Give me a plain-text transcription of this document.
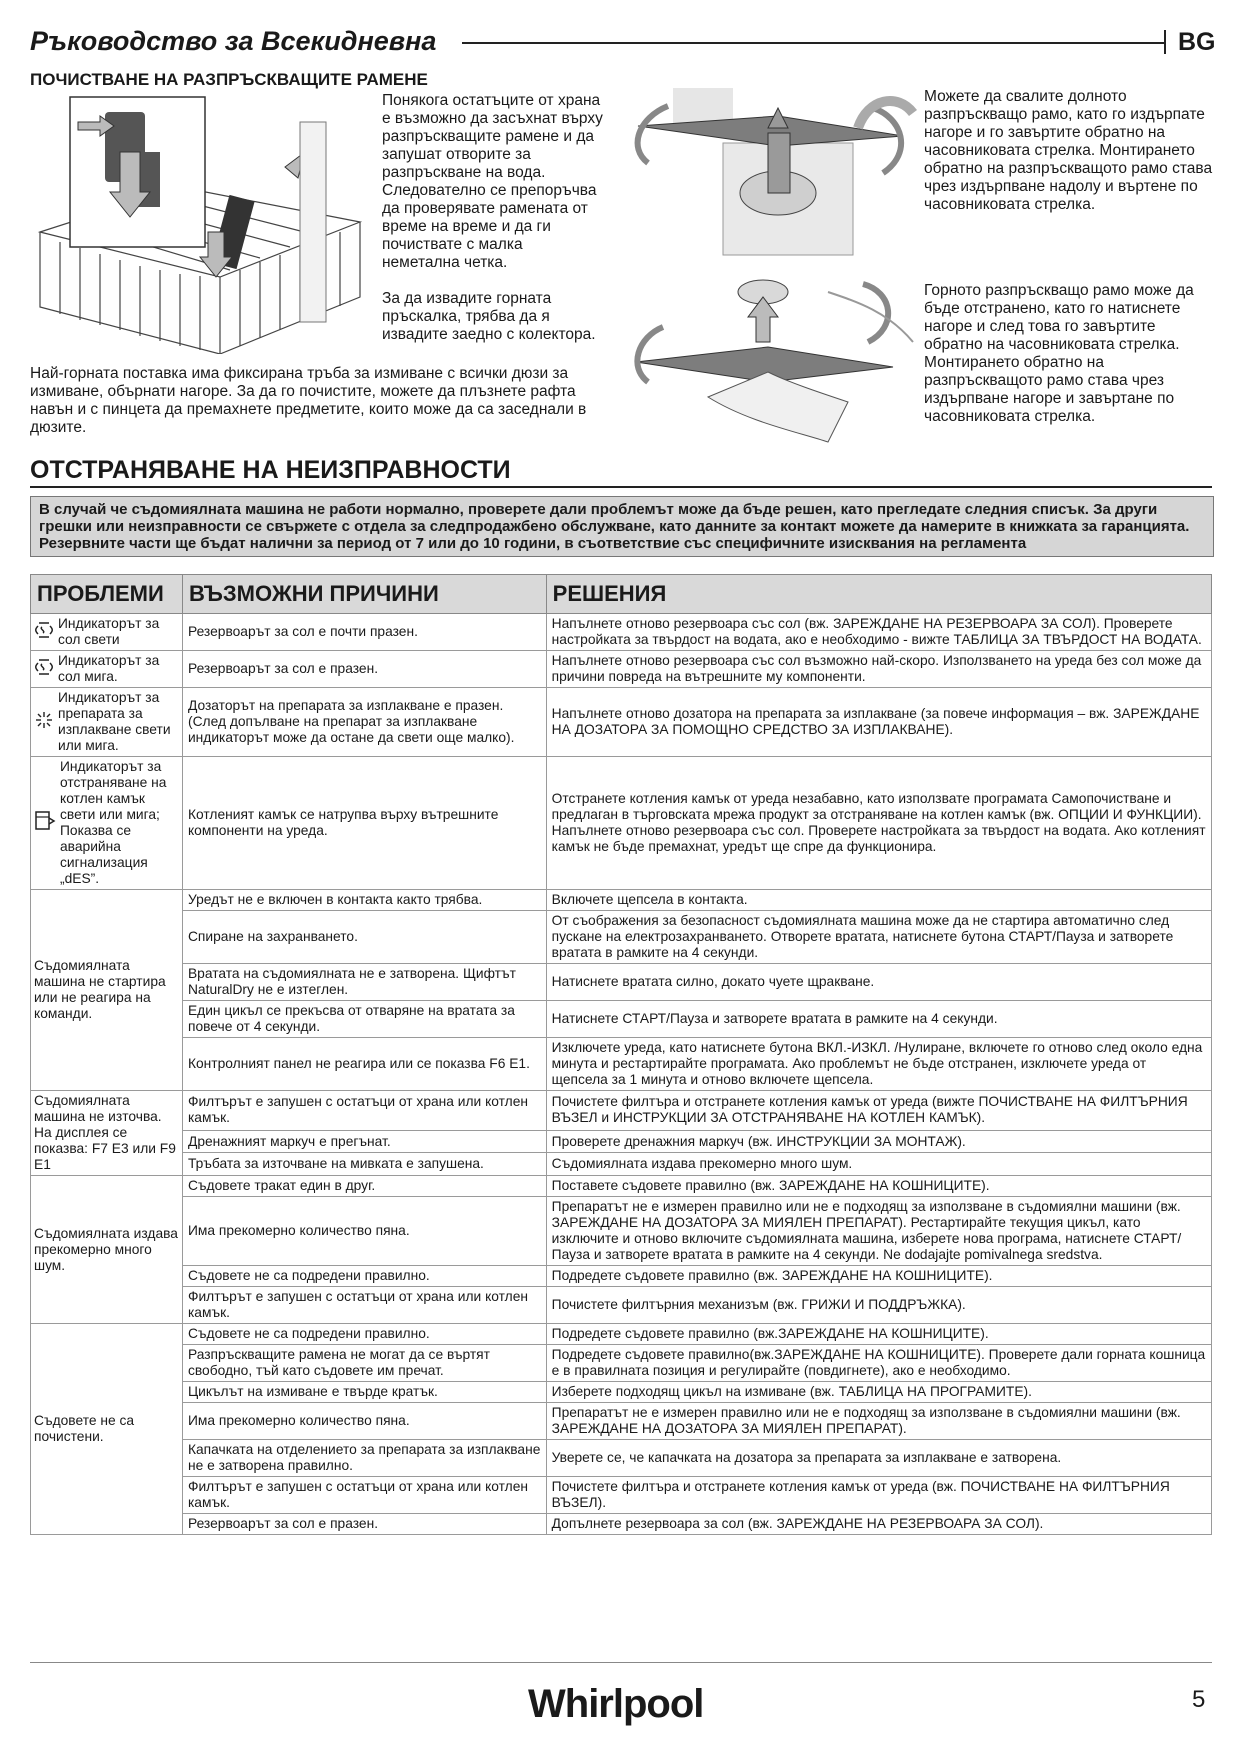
Ръководство за Всекидневна	BG
ПОЧИСТВАНЕ НА РАЗПРЪСКВАЩИТЕ РАМЕНЕ
Понякога остатъците от храна е възможно да засъхнат върху разпръскващите рамене и да запушат отворите за разпръскване на вода. Следователно се препоръчва да проверявате рамената от време на време и да ги почиствате с малка неметална четка.
За да извадите горната пръскалка, трябва да я извадите заедно с колектора.
Най-горната поставка има фиксирана тръба за измиване с всички дюзи за измиване, обърнати нагоре. За да го почистите, можете да плъзнете рафта навън и с пинцета да премахнете предметите, които може да са заседнали в дюзите.
Можете да свалите долното разпръскващо рамо, като го издърпате нагоре и го завъртите обратно на часовниковата стрелка. Монтирането обратно на разпръскващото рамо става чрез издърпване надолу и въртене по часовниковата стрелка.
Горното разпръскващо рамо може да бъде отстранено, като го натиснете нагоре и след това го завъртите обратно на часовниковата стрелка. Монтирането обратно на разпръскващото рамо става чрез издърпване нагоре и завъртане по часовниковата стрелка.
ОТСТРАНЯВАНЕ НА НЕИЗПРАВНОСТИ
В случай че съдомиялната машина не работи нормално, проверете дали проблемът може да бъде решен, като прегледате следния списък. За други грешки или неизправности се свържете с отдела за следпродажбено обслужване, като данните за контакт можете да намерите в книжката за гаранцията. Резервните части ще бъдат налични за период от 7 или до 10 години, в съответствие със специфичните изисквания на регламента
ПРОБЛЕМИ	ВЪЗМОЖНИ ПРИЧИНИ	РЕШЕНИЯ

Индикаторът за сол свети	Резервоарът за сол е почти празен.	Напълнете отново резервоара със сол (вж. ЗАРЕЖДАНЕ НА РЕЗЕРВОАРА ЗА СОЛ). Проверете настройката за твърдост на водата, ако е необходимо - вижте ТАБЛИЦА ЗА ТВЪРДОСТ НА ВОДАТА.

Индикаторът за сол мига.	Резервоарът за сол е празен.	Напълнете отново резервоара със сол възможно най-скоро. Използването на уреда без сол може да причини повреда на вътрешните му компоненти.

Индикаторът за препарата за изплакване свети или мига.	Дозаторът на препарата за изплакване е празен. (След допълване на препарат за изплакване индикаторът може да остане да свети още малко).	Напълнете отново дозатора на препарата за изплакване (за повече информация – вж. ЗАРЕЖДАНЕ НА ДОЗАТОРА ЗА ПОМОЩНО СРЕДСТВО ЗА ИЗПЛАКВАНЕ).

Индикаторът за отстраняване на котлен камък свети или мига; Показва се аварийна сигнализация „dES”.	Котленият камък се натрупва върху вътрешните компоненти на уреда.	Отстранете котления камък от уреда незабавно, като използвате програмата Самопочистване и предлаган в търговската мрежа продукт за отстраняване на котлен камък (вж. ОПЦИИ И ФУНКЦИИ). Напълнете отново резервоара със сол. Проверете настройката за твърдост на водата. Ако котленият камък не бъде премахнат, уредът ще спре да функционира.
Съдомиялната машина не стартира или не реагира на команди.	Уредът не е включен в контакта както трябва.	Включете щепсела в контакта.
	Спиране на захранването.	От съображения за безопасност съдомиялната машина може да не стартира автоматично след пускане на електрозахранването. Отворете вратата, натиснете бутона СТАРТ/Пауза и затворете вратата в рамките на 4 секунди.
	Вратата на съдомиялната не е затворена. Щифтът NaturalDry не е изтеглен.	Натиснете вратата силно, докато чуете щракване.
	Един цикъл се прекъсва от отваряне на вратата за повече от 4 секунди.	Натиснете СТАРТ/Пауза и затворете вратата в рамките на 4 секунди.
	Контролният панел не реагира или се показва F6 E1.	Изключете уреда, като натиснете бутона ВКЛ.-ИЗКЛ. /Нулиране, включете го отново след около една минута и рестартирайте програмата. Ако проблемът не бъде отстранен, изключете уреда от щепсела за 1 минута и отново включете щепсела.
Съдомиялната машина не източва. На дисплея се показва: F7 E3 или F9 E1	Филтърът е запушен с остатъци от храна или котлен камък.	Почистете филтъра и отстранете котления камък от уреда (вижте ПОЧИСТВАНЕ НА ФИЛТЪРНИЯ ВЪЗЕЛ и ИНСТРУКЦИИ ЗА ОТСТРАНЯВАНЕ НА КОТЛЕН КАМЪК).
	Дренажният маркуч е прегънат.	Проверете дренажния маркуч (вж. ИНСТРУКЦИИ ЗА МОНТАЖ).
	Тръбата за източване на мивката е запушена.	Съдомиялната издава прекомерно много шум.
Съдомиялната издава прекомерно много шум.	Съдовете тракат един в друг.	Поставете съдовете правилно (вж. ЗАРЕЖДАНЕ НА КОШНИЦИТЕ).
	Има прекомерно количество пяна.	Препаратът не е измерен правилно или не е подходящ за използване в съдомиялни машини (вж. ЗАРЕЖДАНЕ НА ДОЗАТОРА ЗА МИЯЛЕН ПРЕПАРАТ). Рестартирайте текущия цикъл, като изключите и отново включите съдомиялната машина, изберете нова програма, натиснете СТАРТ/Пауза и затворете вратата в рамките на 4 секунди. Ne dodajajte pomivalnega sredstva.
	Съдовете не са подредени правилно.	Подредете съдовете правилно (вж. ЗАРЕЖДАНЕ НА КОШНИЦИТЕ).
	Филтърът е запушен с остатъци от храна или котлен камък.	Почистете филтърния механизъм (вж. ГРИЖИ И ПОДДРЪЖКА).
Съдовете не са почистени.	Съдовете не са подредени правилно.	Подредете съдовете правилно (вж.ЗАРЕЖДАНЕ НА КОШНИЦИТЕ).
	Разпръскващите рамена не могат да се въртят свободно, тъй като съдовете им пречат.	Подредете съдовете правилно(вж.ЗАРЕЖДАНЕ НА КОШНИЦИТЕ). Проверете дали горната кошница е в правилната позиция и регулирайте (повдигнете), ако е необходимо.
	Цикълът на измиване е твърде кратък.	Изберете подходящ цикъл на измиване (вж. ТАБЛИЦА НА ПРОГРАМИТЕ).
	Има прекомерно количество пяна.	Препаратът не е измерен правилно или не е подходящ за използване в съдомиялни машини (вж. ЗАРЕЖДАНЕ НА ДОЗАТОРА ЗА МИЯЛЕН ПРЕПАРАТ).
	Капачката на отделението за препарата за изплакване не е затворена правилно.	Уверете се, че капачката на дозатора за препарата за изплакване е затворена.
	Филтърът е запушен с остатъци от храна или котлен камък.	Почистете филтъра и отстранете котления камък от уреда (вж. ПОЧИСТВАНЕ НА ФИЛТЪРНИЯ ВЪЗЕЛ).
	Резервоарът за сол е празен.	Допълнете резервоара за сол (вж. ЗАРЕЖДАНЕ НА РЕЗЕРВОАРА ЗА СОЛ).
Whirlpool	5
